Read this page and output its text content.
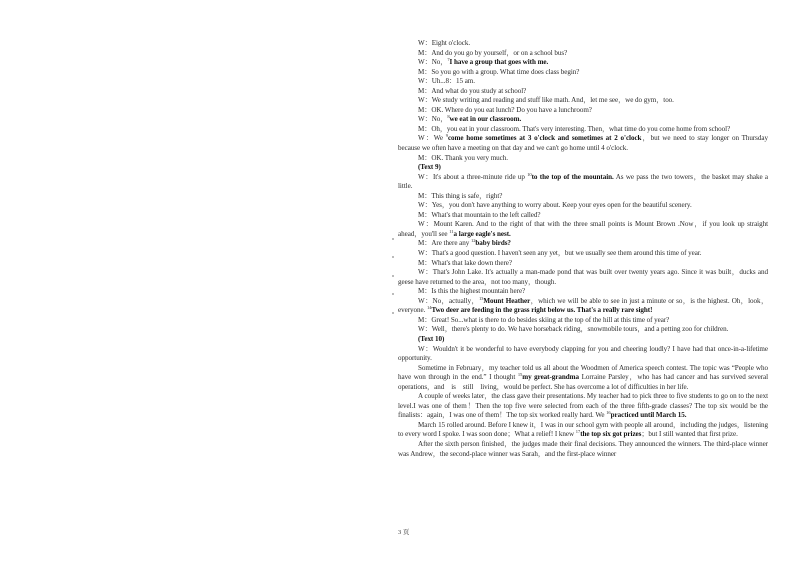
W：Eight o'clock.

M：And do you go by yourself，or on a school bus?

W：No，$^7$I have a group that goes with me.

M：So you go with a group. What time does class begin?

W：Uh...8：15 am.

M：And what do you study at school?

W：We study writing and reading and stuff like math. And，let me see，we do gym，too.

M：OK. Where do you eat lunch? Do you have a lunchroom?

W：No，$^8$we eat in our classroom.

M：Oh，you eat in your classroom. That's very interesting. Then，what time do you come home from school?

W：We $^9$come home sometimes at 3 o'clock and sometimes at 2 o'clock，but we need to stay longer on Thursday because we often have a meeting on that day and we can't go home until 4 o'clock.

M：OK. Thank you very much.

(Text 9)

W：It's about a three-minute ride up $^{10}$to the top of the mountain. As we pass the two towers，the basket may shake a little.

M：This thing is safe，right?

W：Yes，you don't have anything to worry about. Keep your eyes open for the beautiful scenery.

M：What's that mountain to the left called?

W：Mount Karen. And to the right of that with the three small points is Mount Brown .Now，if you look up straight ahead，you'll see $^{11}$a large eagle's nest.

M：Are there any $^{12}$baby birds?

W：That's a good question. I haven't seen any yet，but we usually see them around this time of year.

M：What's that lake down there?

W：That's John Lake. It's actually a man-made pond that was built over twenty years ago. Since it was built，ducks and geese have returned to the area，not too many，though.

M：Is this the highest mountain here?

W：No，actually，$^{13}$Mount Heather，which we will be able to see in just a minute or so，is the highest. Oh，look，everyone. $^{14}$Two deer are feeding in the grass right below us. That's a really rare sight!

M：Great! So...what is there to do besides skiing at the top of the hill at this time of year?

W：Well，there's plenty to do. We have horseback riding，snowmobile tours，and a petting zoo for children.

(Text 10)

W：Wouldn't it be wonderful to have everybody clapping for you and cheering loudly? I have had that once-in-a-lifetime opportunity.

Sometime in February，my teacher told us all about the Woodmen of America speech contest. The topic was “People who have won through in the end.” I thought $^{15}$my great-grandma Lorraine Parsley，who has had cancer and has survived several　operations，and　is　still　living，would be perfect. She has overcome a lot of difficulties in her life.

A couple of weeks later，the class gave their presentations. My teacher had to pick three to five students to go on to the next level.I was one of them！Then the top five were selected from each of the three fifth-grade classes? The top six would be the finalists：again，I was one of them！The top six worked really hard. We $^{16}$practiced until March 15.

March 15 rolled around. Before I knew it，I was in our school gym with people all around，including the judges，listening to every word I spoke. I was soon done；What a relief! I knew $^{17}$the top six got prizes；but I still wanted that first prize.

After the sixth person finished，the judges made their final decisions. They announced the winners. The third-place winner was Andrew，the second-place winner was Sarah，and the first-place winner

3 页
